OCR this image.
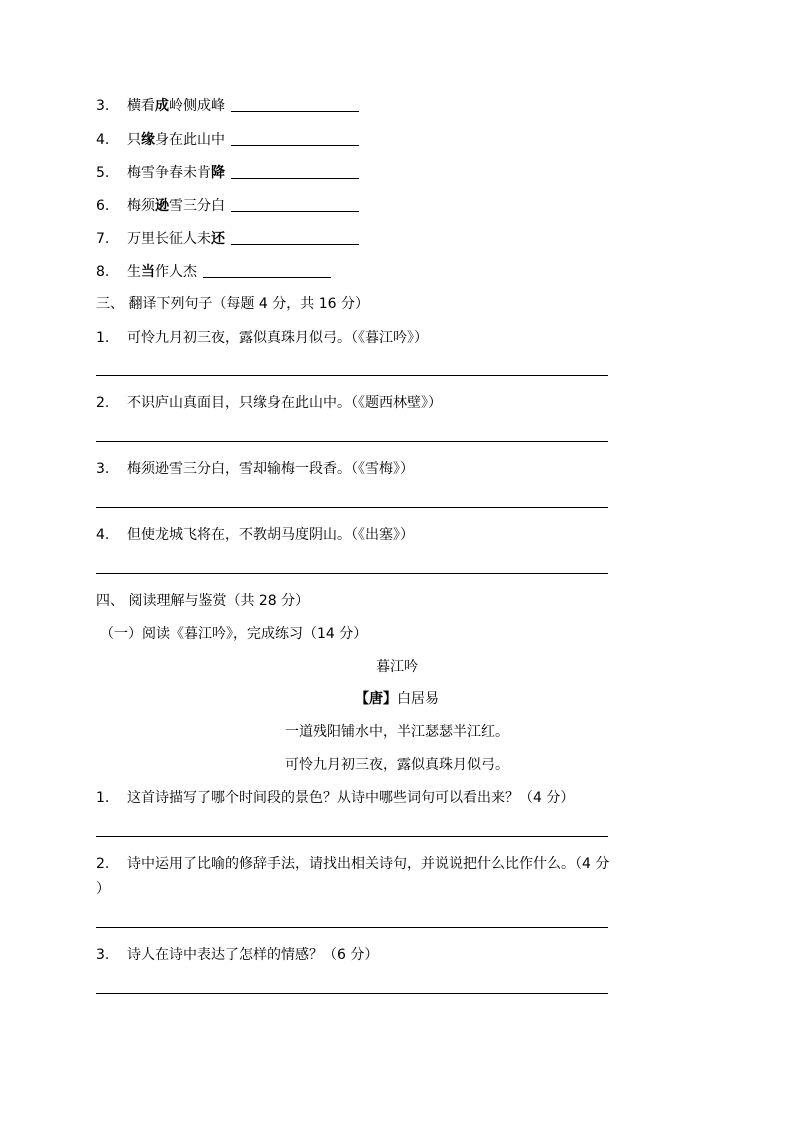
3.	横看成岭侧成峰
4.	只缘身在此山中
5.	梅雪争春未肯降
6.	梅须逊雪三分白
7.	万里长征人未还
8.	生当作人杰
三、 翻译下列句子（每题 4 分，共 16 分）
1.	可怜九月初三夜，露似真珠月似弓。（《暮江吟》）
2.	不识庐山真面目，只缘身在此山中。（《题西林壁》）
3.	梅须逊雪三分白，雪却输梅一段香。（《雪梅》）
4.	但使龙城飞将在，不教胡马度阴山。（《出塞》）
四、 阅读理解与鉴赏（共 28 分）
（一）阅读《暮江吟》，完成练习（14 分）
暮江吟
【唐】白居易
一道残阳铺水中，半江瑟瑟半江红。
可怜九月初三夜，露似真珠月似弓。
1.	这首诗描写了哪个时间段的景色？从诗中哪些词句可以看出来？（4 分）
2.	诗中运用了比喻的修辞手法，请找出相关诗句，并说说把什么比作什么。（4 分
）
3.	诗人在诗中表达了怎样的情感？（6 分）
